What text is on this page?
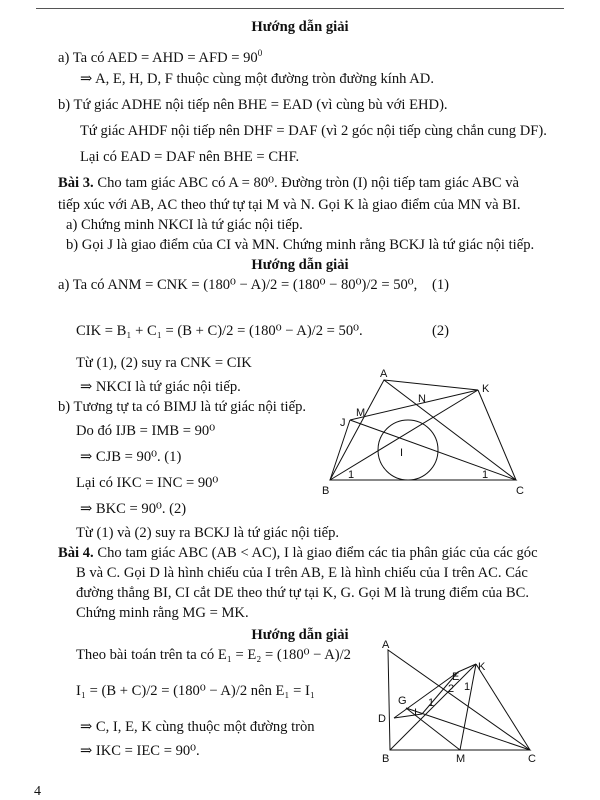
Hướng dẫn giải
a) Ta có AED = AHD = AFD = $90^0$
⇒ A, E, H, D, F thuộc cùng một đường tròn đường kính AD.
b) Tứ giác ADHE nội tiếp nên BHE = EAD (vì cùng bù với EHD).
Tứ giác AHDF nội tiếp nên DHF = DAF (vì 2 góc nội tiếp cùng chắn cung DF).
Lại có EAD = DAF nên BHE = CHF.
Bài 3. Cho tam giác ABC có A = 80⁰. Đường tròn (I) nội tiếp tam giác ABC và
tiếp xúc với AB, AC theo thứ tự tại M và N. Gọi K là giao điểm của MN và BI.
a) Chứng minh NKCI là tứ giác nội tiếp.
b) Gọi J là giao điểm của CI và MN. Chứng minh rằng BCKJ là tứ giác nội tiếp.
Hướng dẫn giải
a) Ta có ANM = CNK = (180⁰ − A)/2 = (180⁰ − 80⁰)/2 = 50⁰, (1)
CIK = B₁ + C₁ = (B + C)/2 = (180⁰ − A)/2 = 50⁰.	(2)
Từ (1), (2) suy ra CNK = CIK
⇒ NKCI là tứ giác nội tiếp.
b) Tương tự ta có BIMJ là tứ giác nội tiếp.
Do đó IJB = IMB = 90⁰
⇒ CJB = 90⁰. (1)
Lại có IKC = INC = 90⁰
⇒ BKC = 90⁰. (2)
Từ (1) và (2) suy ra BCKJ là tứ giác nội tiếp.
A
K
N
M
J
I
B	C
1	1
Bài 4. Cho tam giác ABC (AB < AC), I là giao điểm các tia phân giác của các góc
B và C. Gọi D là hình chiếu của I trên AB, E là hình chiếu của I trên AC. Các
đường thẳng BI, CI cắt DE theo thứ tự tại K, G. Gọi M là trung điểm của BC.
Chứng minh rằng MG = MK.
Hướng dẫn giải
Theo bài toán trên ta có E₁ = E₂ = (180⁰ − A)/2
I₁ = (B + C)/2 = (180⁰ − A)/2 nên E₁ = I₁
⇒ C, I, E, K cùng thuộc một đường tròn
⇒ IKC = IEC = 90⁰.
A
E
K
G
D	I
B	M	C
2 1
1
4
